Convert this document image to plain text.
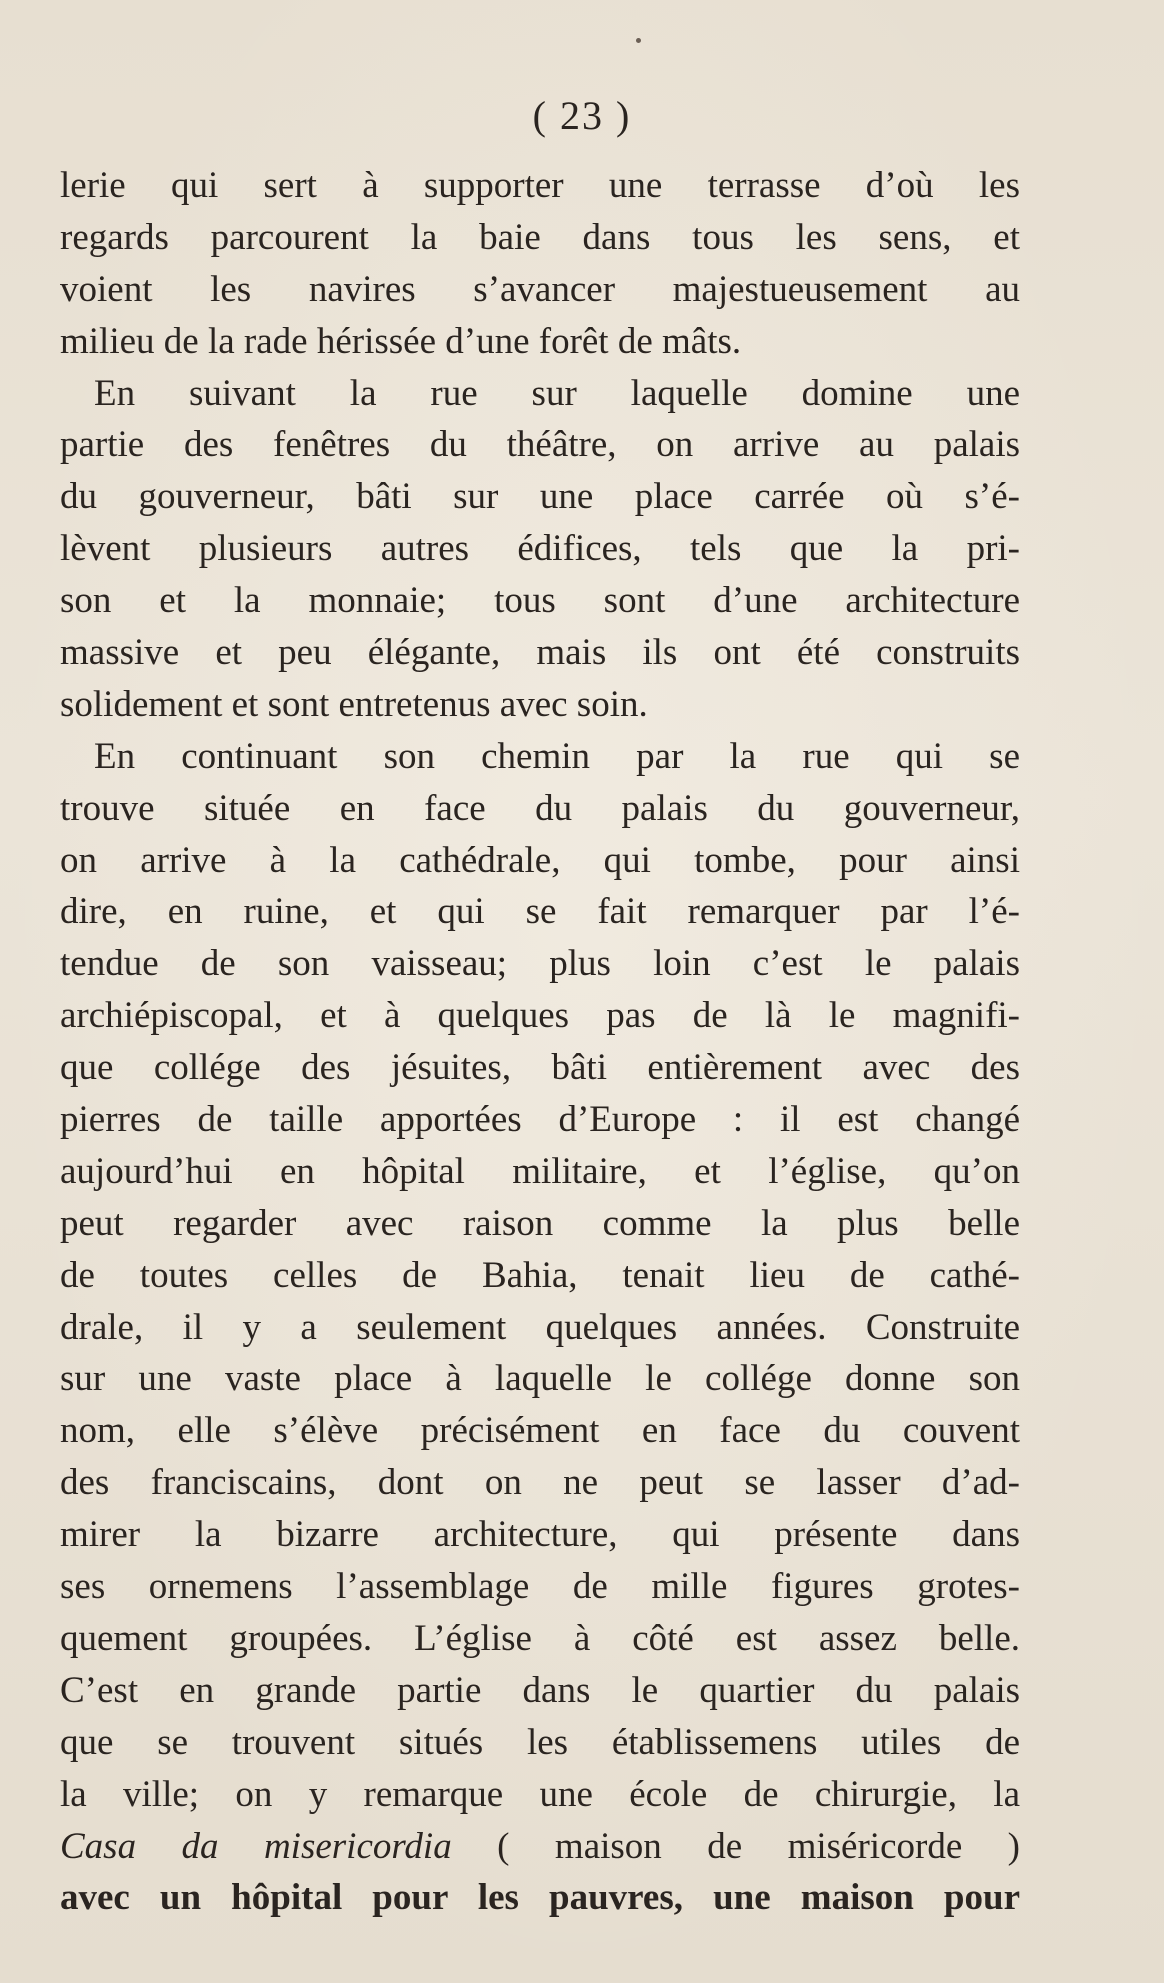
( 23 )
lerie qui sert à supporter une terrasse d’où les
regards parcourent la baie dans tous les sens, et
voient les navires s’avancer majestueusement au
milieu de la rade hérissée d’une forêt de mâts.
En suivant la rue sur laquelle domine une
partie des fenêtres du théâtre, on arrive au palais
du gouverneur, bâti sur une place carrée où s’é-
lèvent plusieurs autres édifices, tels que la pri-
son et la monnaie; tous sont d’une architecture
massive et peu élégante, mais ils ont été construits
solidement et sont entretenus avec soin.
En continuant son chemin par la rue qui se
trouve située en face du palais du gouverneur,
on arrive à la cathédrale, qui tombe, pour ainsi
dire, en ruine, et qui se fait remarquer par l’é-
tendue de son vaisseau; plus loin c’est le palais
archiépiscopal, et à quelques pas de là le magnifi-
que collége des jésuites, bâti entièrement avec des
pierres de taille apportées d’Europe : il est changé
aujourd’hui en hôpital militaire, et l’église, qu’on
peut regarder avec raison comme la plus belle
de toutes celles de Bahia, tenait lieu de cathé-
drale, il y a seulement quelques années. Construite
sur une vaste place à laquelle le collége donne son
nom, elle s’élève précisément en face du couvent
des franciscains, dont on ne peut se lasser d’ad-
mirer la bizarre architecture, qui présente dans
ses ornemens l’assemblage de mille figures grotes-
quement groupées. L’église à côté est assez belle.
C’est en grande partie dans le quartier du palais
que se trouvent situés les établissemens utiles de
la ville; on y remarque une école de chirurgie, la
Casa da misericordia ( maison de miséricorde )
avec un hôpital pour les pauvres, une maison pour
